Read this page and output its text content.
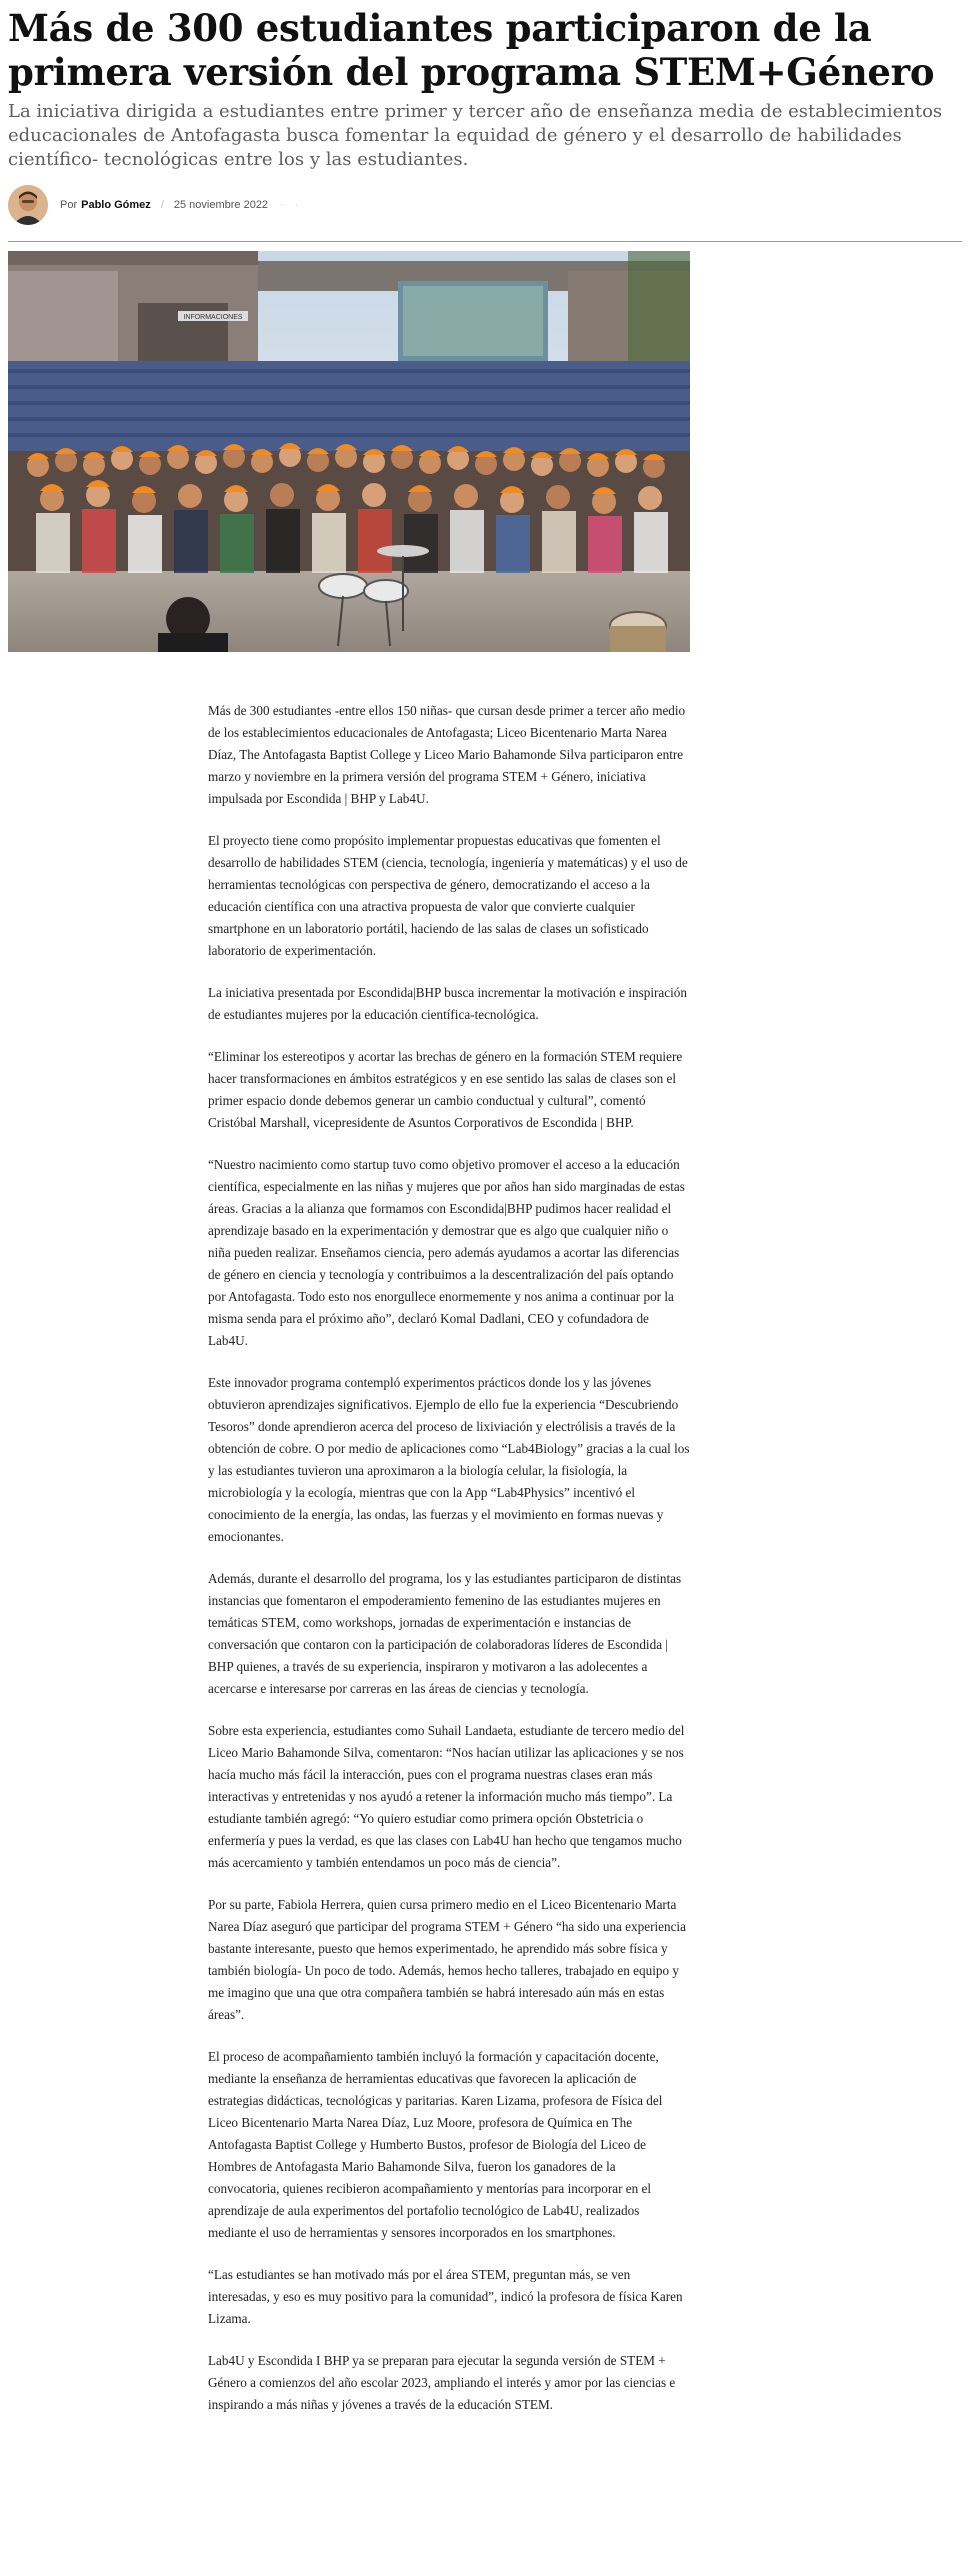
Más de 300 estudiantes participaron de la primera versión del programa STEM+Género

La iniciativa dirigida a estudiantes entre primer y tercer año de enseñanza media de establecimientos educacionales de Antofagasta busca fomentar la equidad de género y el desarrollo de habilidades científico- tecnológicas entre los y las estudiantes.

Por Pablo Gómez / 25 noviembre 2022 · ·
INFORMACIONES

Más de 300 estudiantes -entre ellos 150 niñas- que cursan desde primer a tercer año medio de los establecimientos educacionales de Antofagasta; Liceo Bicentenario Marta Narea Díaz, The Antofagasta Baptist College y Liceo Mario Bahamonde Silva participaron entre marzo y noviembre en la primera versión del programa STEM + Género, iniciativa impulsada por Escondida | BHP y Lab4U.

El proyecto tiene como propósito implementar propuestas educativas que fomenten el desarrollo de habilidades STEM (ciencia, tecnología, ingeniería y matemáticas) y el uso de herramientas tecnológicas con perspectiva de género, democratizando el acceso a la educación científica con una atractiva propuesta de valor que convierte cualquier smartphone en un laboratorio portátil, haciendo de las salas de clases un sofisticado laboratorio de experimentación.

La iniciativa presentada por Escondida|BHP busca incrementar la motivación e inspiración de estudiantes mujeres por la educación científica-tecnológica.

“Eliminar los estereotipos y acortar las brechas de género en la formación STEM requiere hacer transformaciones en ámbitos estratégicos y en ese sentido las salas de clases son el primer espacio donde debemos generar un cambio conductual y cultural”, comentó Cristóbal Marshall, vicepresidente de Asuntos Corporativos de Escondida | BHP.

“Nuestro nacimiento como startup tuvo como objetivo promover el acceso a la educación científica, especialmente en las niñas y mujeres que por años han sido marginadas de estas áreas. Gracias a la alianza que formamos con Escondida|BHP pudimos hacer realidad el aprendizaje basado en la experimentación y demostrar que es algo que cualquier niño o niña pueden realizar. Enseñamos ciencia, pero además ayudamos a acortar las diferencias de género en ciencia y tecnología y contribuimos a la descentralización del país optando por Antofagasta. Todo esto nos enorgullece enormemente y nos anima a continuar por la misma senda para el próximo año”, declaró Komal Dadlani, CEO y cofundadora de Lab4U.

Este innovador programa contempló experimentos prácticos donde los y las jóvenes obtuvieron aprendizajes significativos. Ejemplo de ello fue la experiencia “Descubriendo Tesoros” donde aprendieron acerca del proceso de lixiviación y electrólisis a través de la obtención de cobre. O por medio de aplicaciones como “Lab4Biology” gracias a la cual los y las estudiantes tuvieron una aproximaron a la biología celular, la fisiología, la microbiología y la ecología, mientras que con la App “Lab4Physics” incentivó el conocimiento de la energía, las ondas, las fuerzas y el movimiento en formas nuevas y emocionantes.

Además, durante el desarrollo del programa, los y las estudiantes participaron de distintas instancias que fomentaron el empoderamiento femenino de las estudiantes mujeres en temáticas STEM, como workshops, jornadas de experimentación e instancias de conversación que contaron con la participación de colaboradoras líderes de Escondida | BHP quienes, a través de su experiencia, inspiraron y motivaron a las adolecentes a acercarse e interesarse por carreras en las áreas de ciencias y tecnología.

Sobre esta experiencia, estudiantes como Suhail Landaeta, estudiante de tercero medio del Liceo Mario Bahamonde Silva, comentaron: “Nos hacían utilizar las aplicaciones y se nos hacía mucho más fácil la interacción, pues con el programa nuestras clases eran más interactivas y entretenidas y nos ayudó a retener la información mucho más tiempo”. La estudiante también agregó: “Yo quiero estudiar como primera opción Obstetricia o enfermería y pues la verdad, es que las clases con Lab4U han hecho que tengamos mucho más acercamiento y también entendamos un poco más de ciencia”.

Por su parte, Fabiola Herrera, quien cursa primero medio en el Liceo Bicentenario Marta Narea Díaz aseguró que participar del programa STEM + Género “ha sido una experiencia bastante interesante, puesto que hemos experimentado, he aprendido más sobre física y también biología- Un poco de todo. Además, hemos hecho talleres, trabajado en equipo y me imagino que una que otra compañera también se habrá interesado aún más en estas áreas”.

El proceso de acompañamiento también incluyó la formación y capacitación docente, mediante la enseñanza de herramientas educativas que favorecen la aplicación de estrategias didácticas, tecnológicas y paritarias. Karen Lizama, profesora de Física del Liceo Bicentenario Marta Narea Díaz, Luz Moore, profesora de Química en The Antofagasta Baptist College y Humberto Bustos, profesor de Biología del Liceo de Hombres de Antofagasta Mario Bahamonde Silva, fueron los ganadores de la convocatoria, quienes recibieron acompañamiento y mentorías para incorporar en el aprendizaje de aula experimentos del portafolio tecnológico de Lab4U, realizados mediante el uso de herramientas y sensores incorporados en los smartphones.

“Las estudiantes se han motivado más por el área STEM, preguntan más, se ven interesadas, y eso es muy positivo para la comunidad”, indicó la profesora de física Karen Lizama.

Lab4U y Escondida I BHP ya se preparan para ejecutar la segunda versión de STEM + Género a comienzos del año escolar 2023, ampliando el interés y amor por las ciencias e inspirando a más niñas y jóvenes a través de la educación STEM.
